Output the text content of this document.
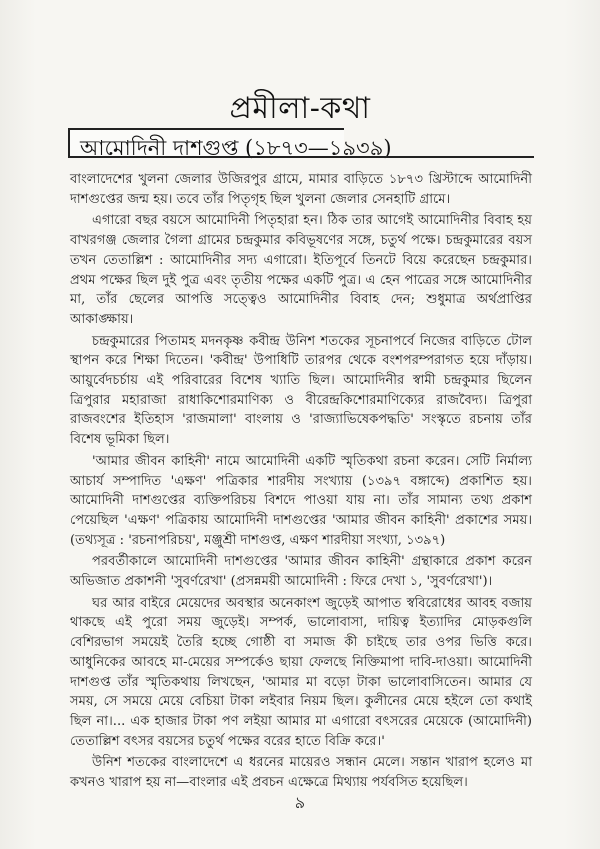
প্রমীলা-কথা
আমোদিনী দাশগুপ্ত (১৮৭৩—১৯৩৯)

বাংলাদেশের খুলনা জেলার উজিরপুর গ্রামে, মামার বাড়িতে ১৮৭৩ খ্রিস্টাব্দে আমোদিনী দাশগুপ্তের জন্ম হয়। তবে তাঁর পিতৃগৃহ ছিল খুলনা জেলার সেনহাটি গ্রামে।

এগারো বছর বয়সে আমোদিনী পিতৃহারা হন। ঠিক তার আগেই আমোদিনীর বিবাহ হয় বাখরগঞ্জ জেলার গৈলা গ্রামের চন্দ্রকুমার কবিভূষণের সঙ্গে, চতুর্থ পক্ষে। চন্দ্রকুমারের বয়স তখন তেতাল্লিশ : আমোদিনীর সদ্য এগারো। ইতিপূর্বে তিনটে বিয়ে করেছেন চন্দ্রকুমার। প্রথম পক্ষের ছিল দুই পুত্র এবং তৃতীয় পক্ষের একটি পুত্র। এ হেন পাত্রের সঙ্গে আমোদিনীর মা, তাঁর ছেলের আপত্তি সত্ত্বেও আমোদিনীর বিবাহ দেন; শুধুমাত্র অর্থপ্রাপ্তির আকাঙ্ক্ষায়।

চন্দ্রকুমারের পিতামহ মদনকৃষ্ণ কবীন্দ্র উনিশ শতকের সূচনাপর্বে নিজের বাড়িতে টোল স্থাপন করে শিক্ষা দিতেন। 'কবীন্দ্র' উপাধিটি তারপর থেকে বংশপরম্পরাগত হয়ে দাঁড়ায়। আয়ুর্বেদচর্চায় এই পরিবারের বিশেষ খ্যাতি ছিল। আমোদিনীর স্বামী চন্দ্রকুমার ছিলেন ত্রিপুরার মহারাজা রাধাকিশোরমাণিক্য ও বীরেন্দ্রকিশোরমাণিক্যের রাজবৈদ্য। ত্রিপুরা রাজবংশের ইতিহাস 'রাজমালা' বাংলায় ও 'রাজ্যাভিষেকপদ্ধতি' সংস্কৃতে রচনায় তাঁর বিশেষ ভূমিকা ছিল।

'আমার জীবন কাহিনী' নামে আমোদিনী একটি স্মৃতিকথা রচনা করেন। সেটি নির্মাল্য আচার্য সম্পাদিত 'এক্ষণ' পত্রিকার শারদীয় সংখ্যায় (১৩৯৭ বঙ্গাব্দে) প্রকাশিত হয়। আমোদিনী দাশগুপ্তের ব্যক্তিপরিচয় বিশদে পাওয়া যায় না। তাঁর সামান্য তথ্য প্রকাশ পেয়েছিল 'এক্ষণ' পত্রিকায় আমোদিনী দাশগুপ্তের 'আমার জীবন কাহিনী' প্রকাশের সময়। (তথ্যসূত্র : 'রচনাপরিচয়', মঞ্জুশ্রী দাশগুপ্ত, এক্ষণ শারদীয়া সংখ্যা, ১৩৯৭)

পরবর্তীকালে আমোদিনী দাশগুপ্তের 'আমার জীবন কাহিনী' গ্রন্থাকারে প্রকাশ করেন অভিজাত প্রকাশনী 'সুবর্ণরেখা' (প্রসন্নময়ী আমোদিনী : ফিরে দেখা ১, 'সুবর্ণরেখা')।

ঘর আর বাইরে মেয়েদের অবস্থার অনেকাংশ জুড়েই আপাত স্ববিরোধের আবহ বজায় থাকছে এই পুরো সময় জুড়েই। সম্পর্ক, ভালোবাসা, দায়িত্ব ইত্যাদির মোড়কগুলি বেশিরভাগ সময়েই তৈরি হচ্ছে গোষ্ঠী বা সমাজ কী চাইছে তার ওপর ভিত্তি করে। আধুনিকের আবহে মা-মেয়ের সম্পর্কেও ছায়া ফেলছে নিক্তিমাপা দাবি-দাওয়া। আমোদিনী দাশগুপ্ত তাঁর স্মৃতিকথায় লিখছেন, 'আমার মা বড়ো টাকা ভালোবাসিতেন। আমার যে সময়, সে সময়ে মেয়ে বেচিয়া টাকা লইবার নিয়ম ছিল। কুলীনের মেয়ে হইলে তো কথাই ছিল না।... এক হাজার টাকা পণ লইয়া আমার মা এগারো বৎসরের মেয়েকে (আমোদিনী) তেতাল্লিশ বৎসর বয়সের চতুর্থ পক্ষের বরের হাতে বিক্রি করে।'

উনিশ শতকের বাংলাদেশে এ ধরনের মায়েরও সন্ধান মেলে। সন্তান খারাপ হলেও মা কখনও খারাপ হয় না—বাংলার এই প্রবচন এক্ষেত্রে মিথ্যায় পর্যবসিত হয়েছিল।

৯
